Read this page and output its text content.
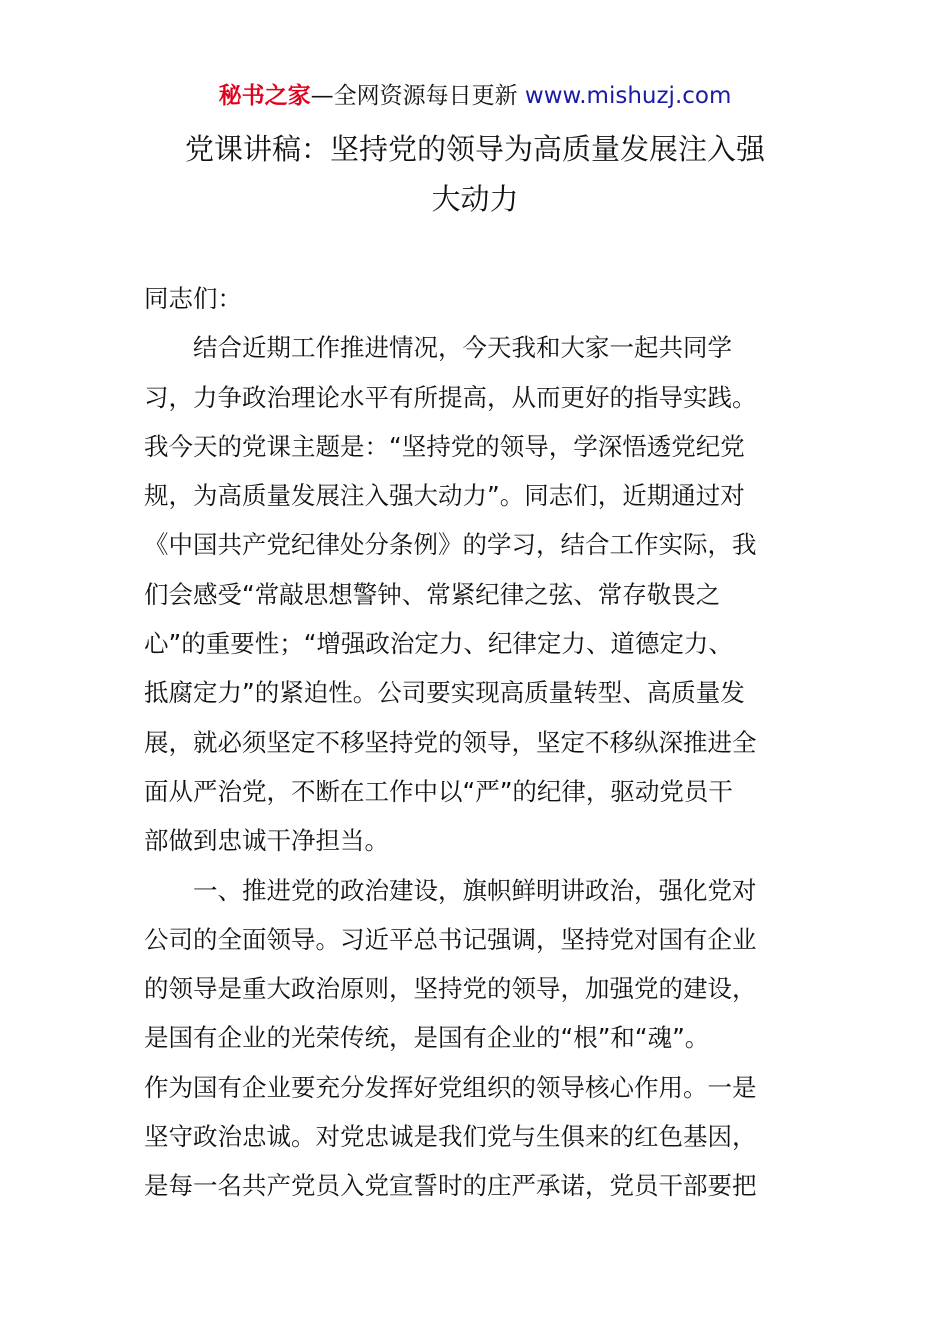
秘书之家—全网资源每日更新 www.mishuzj.com
党课讲稿：坚持党的领导为高质量发展注入强
大动力
同志们：
结合近期工作推进情况，今天我和大家一起共同学
习，力争政治理论水平有所提高，从而更好的指导实践。
我今天的党课主题是：“坚持党的领导，学深悟透党纪党
规，为高质量发展注入强大动力”。同志们，近期通过对
《中国共产党纪律处分条例》的学习，结合工作实际，我
们会感受“常敲思想警钟、常紧纪律之弦、常存敬畏之
心”的重要性；“增强政治定力、纪律定力、道德定力、
抵腐定力”的紧迫性。公司要实现高质量转型、高质量发
展，就必须坚定不移坚持党的领导，坚定不移纵深推进全
面从严治党，不断在工作中以“严”的纪律，驱动党员干
部做到忠诚干净担当。
一、推进党的政治建设，旗帜鲜明讲政治，强化党对
公司的全面领导。习近平总书记强调，坚持党对国有企业
的领导是重大政治原则，坚持党的领导，加强党的建设，
是国有企业的光荣传统，是国有企业的“根”和“魂”。
作为国有企业要充分发挥好党组织的领导核心作用。一是
坚守政治忠诚。对党忠诚是我们党与生俱来的红色基因，
是每一名共产党员入党宣誓时的庄严承诺，党员干部要把
